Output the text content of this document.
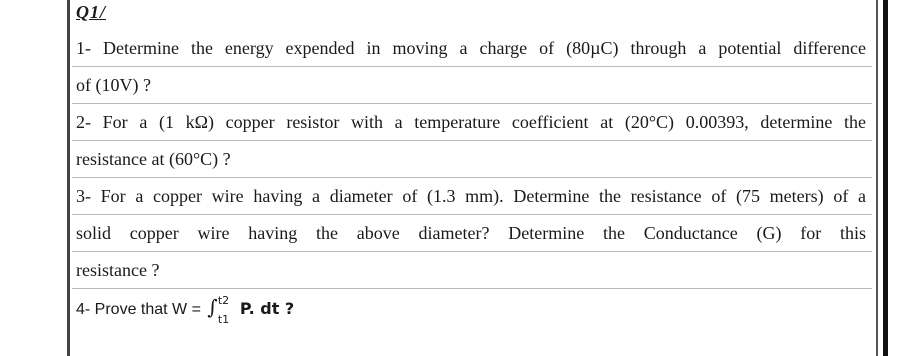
Q1/
1- Determine the energy expended in moving a charge of (80µC) through a potential difference
of (10V) ?
2- For a (1 kΩ) copper resistor with a temperature coefficient at (20°C) 0.00393, determine the
resistance at (60°C) ?
3- For a copper wire having a diameter of (1.3 mm). Determine the resistance of (75 meters) of a
solid copper wire having the above diameter? Determine the Conductance (G) for this
resistance ?
4- Prove that W = ∫ t2
t1
P. dt ?
